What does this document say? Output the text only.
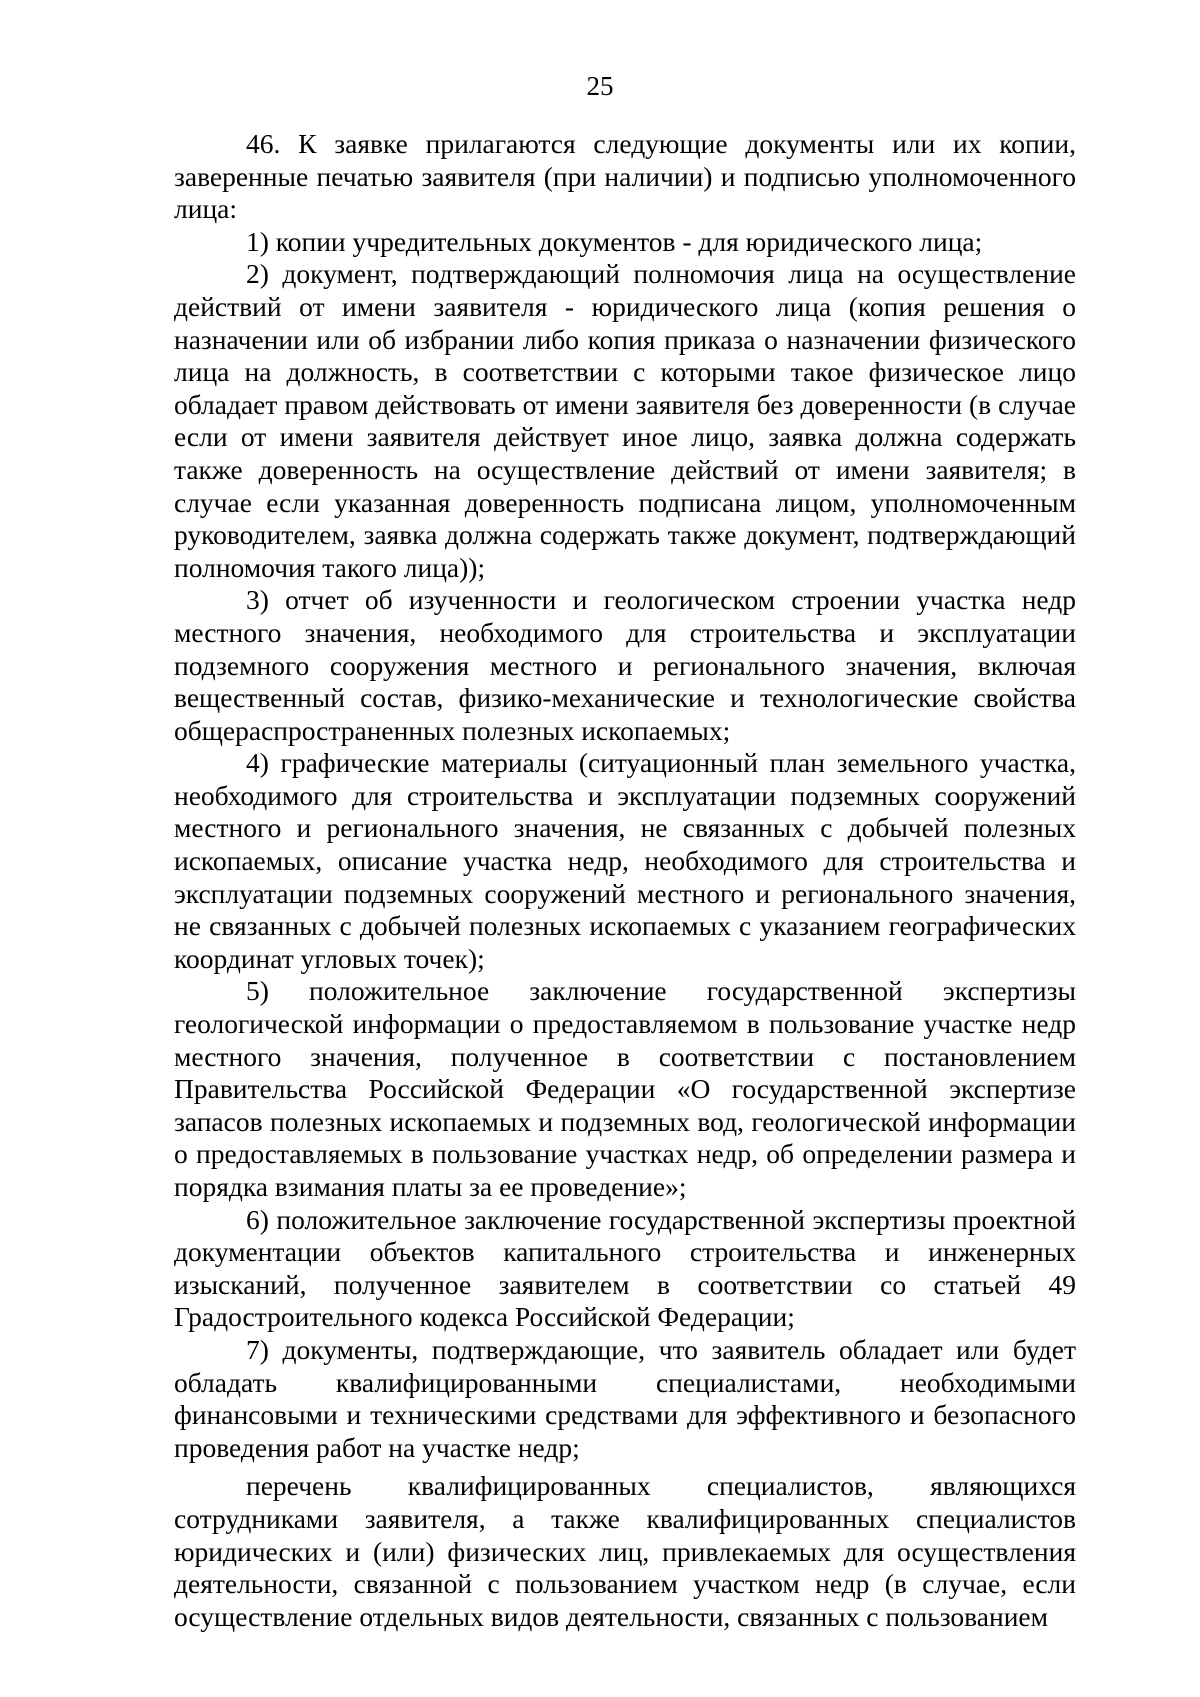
25

46. К заявке прилагаются следующие документы или их копии, заверенные печатью заявителя (при наличии) и подписью уполномоченного лица:

1) копии учредительных документов - для юридического лица;

2) документ, подтверждающий полномочия лица на осуществление действий от имени заявителя - юридического лица (копия решения о назначении или об избрании либо копия приказа о назначении физического лица на должность, в соответствии с которыми такое физическое лицо обладает правом действовать от имени заявителя без доверенности (в случае если от имени заявителя действует иное лицо, заявка должна содержать также доверенность на осуществление действий от имени заявителя; в случае если указанная доверенность подписана лицом, уполномоченным руководителем, заявка должна содержать также документ, подтверждающий полномочия такого лица));

3) отчет об изученности и геологическом строении участка недр местного значения, необходимого для строительства и эксплуатации подземного сооружения местного и регионального значения, включая вещественный состав, физико-механические и технологические свойства общераспространенных полезных ископаемых;

4) графические материалы (ситуационный план земельного участка, необходимого для строительства и эксплуатации подземных сооружений местного и регионального значения, не связанных с добычей полезных ископаемых, описание участка недр, необходимого для строительства и эксплуатации подземных сооружений местного и регионального значения, не связанных с добычей полезных ископаемых с указанием географических координат угловых точек);

5) положительное заключение государственной экспертизы геологической информации о предоставляемом в пользование участке недр местного значения, полученное в соответствии с постановлением Правительства Российской Федерации «О государственной экспертизе запасов полезных ископаемых и подземных вод, геологической информации о предоставляемых в пользование участках недр, об определении размера и порядка взимания платы за ее проведение»;

6) положительное заключение государственной экспертизы проектной документации объектов капитального строительства и инженерных изысканий, полученное заявителем в соответствии со статьей 49 Градостроительного кодекса Российской Федерации;

7) документы, подтверждающие, что заявитель обладает или будет обладать квалифицированными специалистами, необходимыми финансовыми и техническими средствами для эффективного и безопасного проведения работ на участке недр;

перечень квалифицированных специалистов, являющихся сотрудниками заявителя, а также квалифицированных специалистов юридических и (или) физических лиц, привлекаемых для осуществления деятельности, связанной с пользованием участком недр (в случае, если осуществление отдельных видов деятельности, связанных с пользованием
